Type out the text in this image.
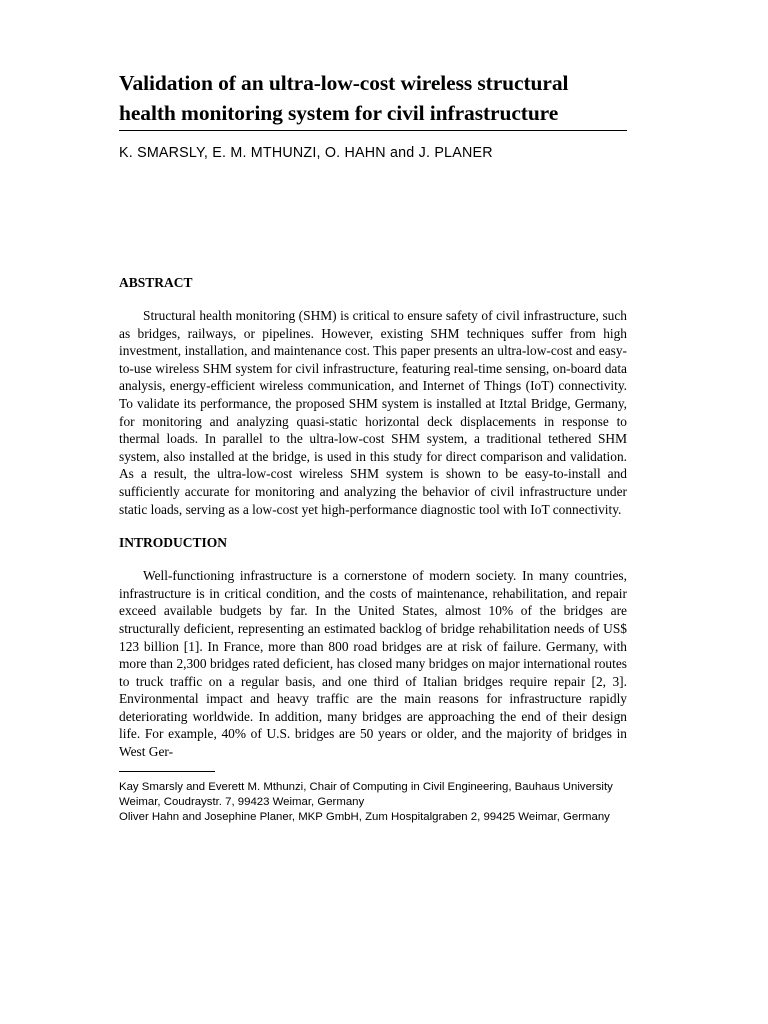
Validation of an ultra-low-cost wireless structural health monitoring system for civil infrastructure
K. SMARSLY, E. M. MTHUNZI, O. HAHN and J. PLANER
ABSTRACT

Structural health monitoring (SHM) is critical to ensure safety of civil infrastructure, such as bridges, railways, or pipelines. However, existing SHM techniques suffer from high investment, installation, and maintenance cost. This paper presents an ultra-low-cost and easy-to-use wireless SHM system for civil infrastructure, featuring real-time sensing, on-board data analysis, energy-efficient wireless communication, and Internet of Things (IoT) connectivity. To validate its performance, the proposed SHM system is installed at Itztal Bridge, Germany, for monitoring and analyzing quasi-static horizontal deck displacements in response to thermal loads. In parallel to the ultra-low-cost SHM system, a traditional tethered SHM system, also installed at the bridge, is used in this study for direct comparison and validation. As a result, the ultra-low-cost wireless SHM system is shown to be easy-to-install and sufficiently accurate for monitoring and analyzing the behavior of civil infrastructure under static loads, serving as a low-cost yet high-performance diagnostic tool with IoT connectivity.

INTRODUCTION

Well-functioning infrastructure is a cornerstone of modern society. In many countries, infrastructure is in critical condition, and the costs of maintenance, rehabilitation, and repair exceed available budgets by far. In the United States, almost 10% of the bridges are structurally deficient, representing an estimated backlog of bridge rehabilitation needs of US$ 123 billion [1]. In France, more than 800 road bridges are at risk of failure. Germany, with more than 2,300 bridges rated deficient, has closed many bridges on major international routes to truck traffic on a regular basis, and one third of Italian bridges require repair [2, 3]. Environmental impact and heavy traffic are the main reasons for infrastructure rapidly deteriorating worldwide. In addition, many bridges are approaching the end of their design life. For example, 40% of U.S. bridges are 50 years or older, and the majority of bridges in West Ger-

Kay Smarsly and Everett M. Mthunzi, Chair of Computing in Civil Engineering, Bauhaus University Weimar, Coudraystr. 7, 99423 Weimar, Germany
Oliver Hahn and Josephine Planer, MKP GmbH, Zum Hospitalgraben 2, 99425 Weimar, Germany
